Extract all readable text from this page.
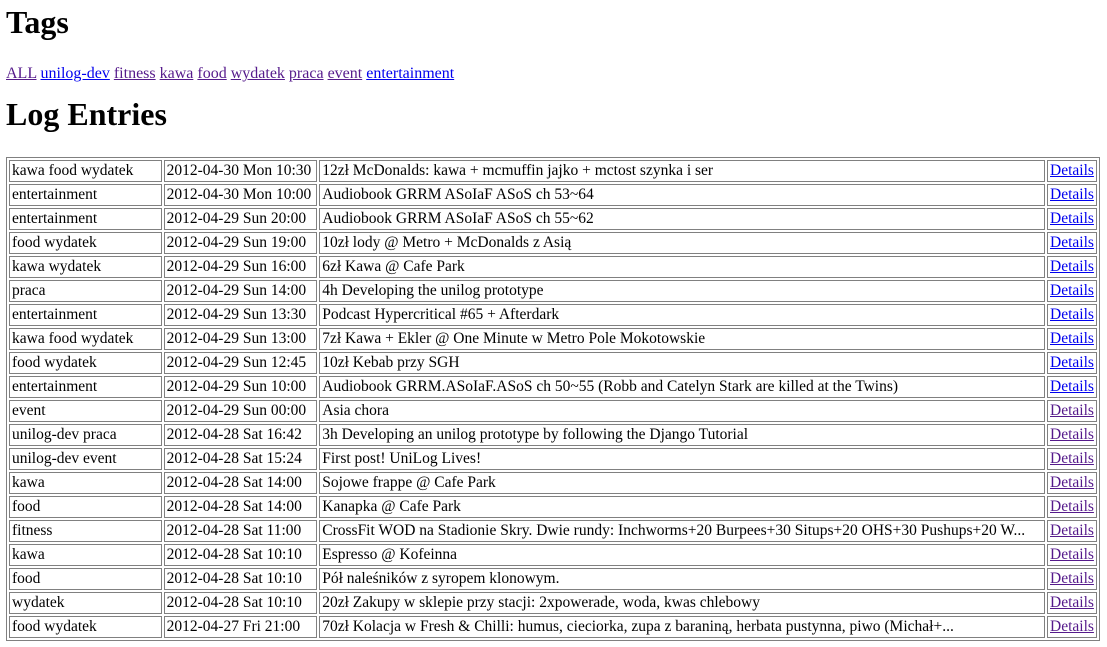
Tags
ALL unilog-dev fitness kawa food wydatek praca event entertainment
Log Entries
kawa food wydatek	2012-04-30 Mon 10:30	12zł McDonalds: kawa + mcmuffin jajko + mctost szynka i ser	Details
entertainment	2012-04-30 Mon 10:00	Audiobook GRRM ASoIaF ASoS ch 53~64	Details
entertainment	2012-04-29 Sun 20:00	Audiobook GRRM ASoIaF ASoS ch 55~62	Details
food wydatek	2012-04-29 Sun 19:00	10zł lody @ Metro + McDonalds z Asią	Details
kawa wydatek	2012-04-29 Sun 16:00	6zł Kawa @ Cafe Park	Details
praca	2012-04-29 Sun 14:00	4h Developing the unilog prototype	Details
entertainment	2012-04-29 Sun 13:30	Podcast Hypercritical #65 + Afterdark	Details
kawa food wydatek	2012-04-29 Sun 13:00	7zł Kawa + Ekler @ One Minute w Metro Pole Mokotowskie	Details
food wydatek	2012-04-29 Sun 12:45	10zł Kebab przy SGH	Details
entertainment	2012-04-29 Sun 10:00	Audiobook GRRM.ASoIaF.ASoS ch 50~55 (Robb and Catelyn Stark are killed at the Twins)	Details
event	2012-04-29 Sun 00:00	Asia chora	Details
unilog-dev praca	2012-04-28 Sat 16:42	3h Developing an unilog prototype by following the Django Tutorial	Details
unilog-dev event	2012-04-28 Sat 15:24	First post! UniLog Lives!	Details
kawa	2012-04-28 Sat 14:00	Sojowe frappe @ Cafe Park	Details
food	2012-04-28 Sat 14:00	Kanapka @ Cafe Park	Details
fitness	2012-04-28 Sat 11:00	CrossFit WOD na Stadionie Skry. Dwie rundy: Inchworms+20 Burpees+30 Situps+20 OHS+30 Pushups+20 W...	Details
kawa	2012-04-28 Sat 10:10	Espresso @ Kofeinna	Details
food	2012-04-28 Sat 10:10	Pół naleśników z syropem klonowym.	Details
wydatek	2012-04-28 Sat 10:10	20zł Zakupy w sklepie przy stacji: 2xpowerade, woda, kwas chlebowy	Details
food wydatek	2012-04-27 Fri 21:00	70zł Kolacja w Fresh & Chilli: humus, cieciorka, zupa z baraniną, herbata pustynna, piwo (Michał+...	Details
